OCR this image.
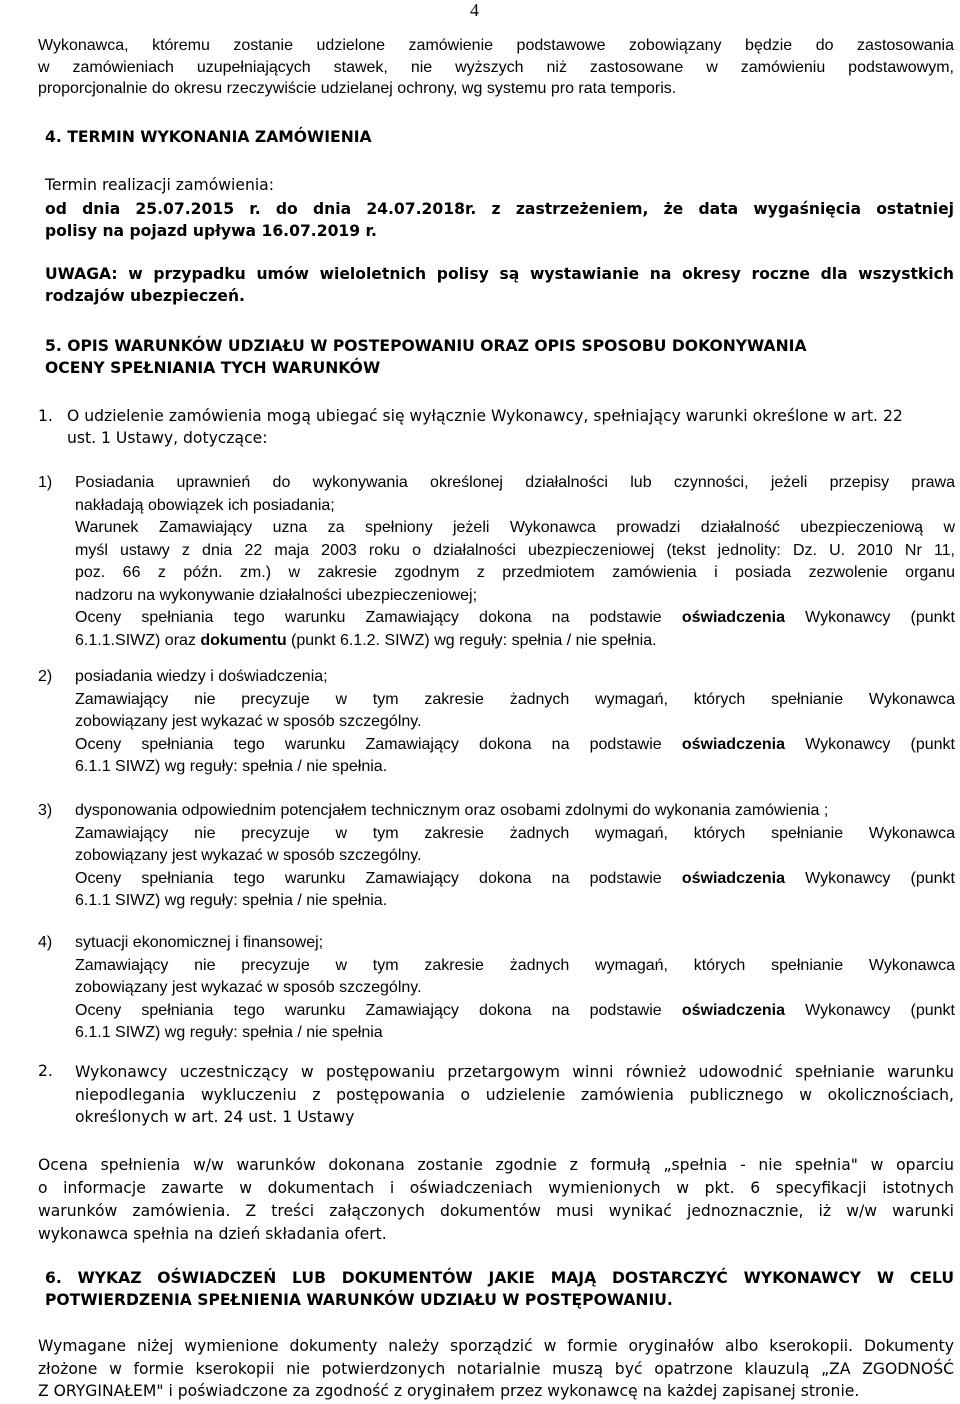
4
Wykonawca, któremu zostanie udzielone zamówienie podstawowe zobowiązany będzie do zastosowania
w zamówieniach uzupełniających stawek, nie wyższych niż zastosowane w zamówieniu podstawowym,
proporcjonalnie do okresu rzeczywiście udzielanej ochrony, wg systemu pro rata temporis.
4. TERMIN WYKONANIA ZAMÓWIENIA
Termin realizacji zamówienia:
od dnia 25.07.2015 r. do dnia 24.07.2018r. z zastrzeżeniem, że data wygaśnięcia ostatniej
polisy na pojazd upływa 16.07.2019 r.
UWAGA: w przypadku umów wieloletnich polisy są wystawianie na okresy roczne dla wszystkich
rodzajów ubezpieczeń.
5. OPIS WARUNKÓW UDZIAŁU W POSTEPOWANIU ORAZ OPIS SPOSOBU DOKONYWANIA
OCENY SPEŁNIANIA TYCH WARUNKÓW
1. O udzielenie zamówienia mogą ubiegać się wyłącznie Wykonawcy, spełniający warunki określone w art. 22
ust. 1 Ustawy, dotyczące:
1) Posiadania uprawnień do wykonywania określonej działalności lub czynności, jeżeli przepisy prawa
nakładają obowiązek ich posiadania;
Warunek Zamawiający uzna za spełniony jeżeli Wykonawca prowadzi działalność ubezpieczeniową w
myśl ustawy z dnia 22 maja 2003 roku o działalności ubezpieczeniowej (tekst jednolity: Dz. U. 2010 Nr 11,
poz. 66 z późn. zm.) w zakresie zgodnym z przedmiotem zamówienia i posiada zezwolenie organu
nadzoru na wykonywanie działalności ubezpieczeniowej;
Oceny spełniania tego warunku Zamawiający dokona na podstawie oświadczenia Wykonawcy (punkt
6.1.1.SIWZ) oraz dokumentu (punkt 6.1.2. SIWZ) wg reguły: spełnia / nie spełnia.
2) posiadania wiedzy i doświadczenia;
Zamawiający nie precyzuje w tym zakresie żadnych wymagań, których spełnianie Wykonawca
zobowiązany jest wykazać w sposób szczególny.
Oceny spełniania tego warunku Zamawiający dokona na podstawie oświadczenia Wykonawcy (punkt
6.1.1 SIWZ) wg reguły: spełnia / nie spełnia.
3) dysponowania odpowiednim potencjałem technicznym oraz osobami zdolnymi do wykonania zamówienia ;
Zamawiający nie precyzuje w tym zakresie żadnych wymagań, których spełnianie Wykonawca
zobowiązany jest wykazać w sposób szczególny.
Oceny spełniania tego warunku Zamawiający dokona na podstawie oświadczenia Wykonawcy (punkt
6.1.1 SIWZ) wg reguły: spełnia / nie spełnia.
4) sytuacji ekonomicznej i finansowej;
Zamawiający nie precyzuje w tym zakresie żadnych wymagań, których spełnianie Wykonawca
zobowiązany jest wykazać w sposób szczególny.
Oceny spełniania tego warunku Zamawiający dokona na podstawie oświadczenia Wykonawcy (punkt
6.1.1 SIWZ) wg reguły: spełnia / nie spełnia
2. Wykonawcy uczestniczący w postępowaniu przetargowym winni również udowodnić spełnianie warunku
niepodlegania wykluczeniu z postępowania o udzielenie zamówienia publicznego w okolicznościach,
określonych w art. 24 ust. 1 Ustawy
Ocena spełnienia w/w warunków dokonana zostanie zgodnie z formułą „spełnia - nie spełnia" w oparciu
o informacje zawarte w dokumentach i oświadczeniach wymienionych w pkt. 6 specyfikacji istotnych
warunków zamówienia. Z treści załączonych dokumentów musi wynikać jednoznacznie, iż w/w warunki
wykonawca spełnia na dzień składania ofert.
6. WYKAZ OŚWIADCZEŃ LUB DOKUMENTÓW JAKIE MAJĄ DOSTARCZYĆ WYKONAWCY W CELU
POTWIERDZENIA SPEŁNIENIA WARUNKÓW UDZIAŁU W POSTĘPOWANIU.
Wymagane niżej wymienione dokumenty należy sporządzić w formie oryginałów albo kserokopii. Dokumenty
złożone w formie kserokopii nie potwierdzonych notarialnie muszą być opatrzone klauzulą „ZA ZGODNOŚĆ
Z ORYGINAŁEM" i poświadczone za zgodność z oryginałem przez wykonawcę na każdej zapisanej stronie.
